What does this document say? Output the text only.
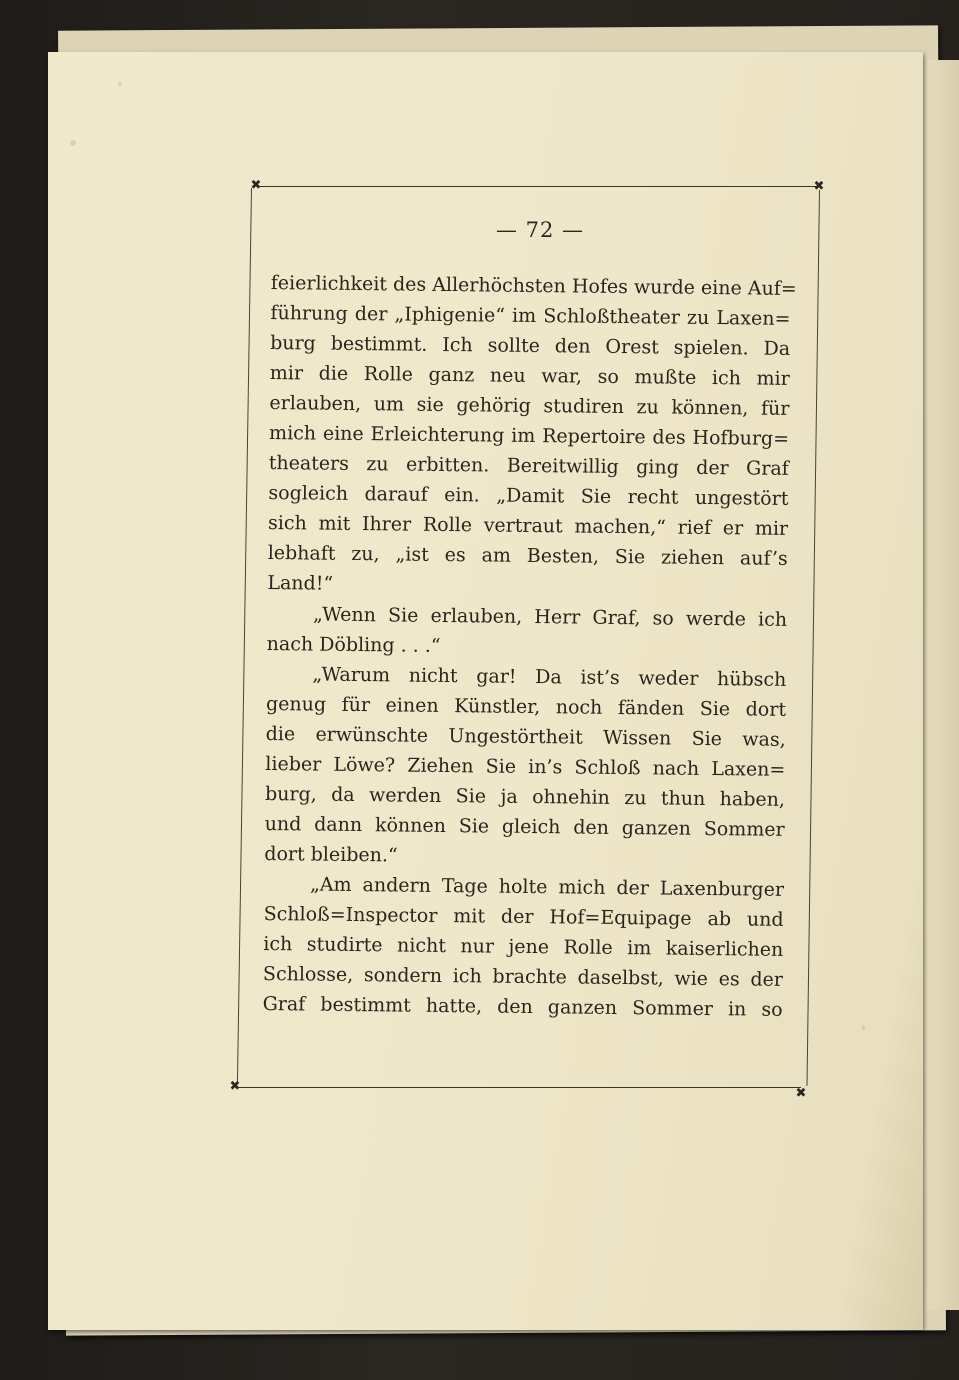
✖	✖
✖	✖
— 72 —
feierlichkeit des Allerhöchsten Hofes wurde eine Auf=
führung der „Iphigenie“ im Schloßtheater zu Laxen=
burg bestimmt. Ich sollte den Orest spielen. Da
mir die Rolle ganz neu war, so mußte ich mir
erlauben, um sie gehörig studiren zu können, für
mich eine Erleichterung im Repertoire des Hofburg=
theaters zu erbitten. Bereitwillig ging der Graf
sogleich darauf ein. „Damit Sie recht ungestört
sich mit Ihrer Rolle vertraut machen,“ rief er mir
lebhaft zu, „ist es am Besten, Sie ziehen auf’s
Land!“
„Wenn Sie erlauben, Herr Graf, so werde ich
nach Döbling . . .“
„Warum nicht gar! Da ist’s weder hübsch
genug für einen Künstler, noch fänden Sie dort
die erwünschte Ungestörtheit Wissen Sie was,
lieber Löwe? Ziehen Sie in’s Schloß nach Laxen=
burg, da werden Sie ja ohnehin zu thun haben,
und dann können Sie gleich den ganzen Sommer
dort bleiben.“
„Am andern Tage holte mich der Laxenburger
Schloß=Inspector mit der Hof=Equipage ab und
ich studirte nicht nur jene Rolle im kaiserlichen
Schlosse, sondern ich brachte daselbst, wie es der
Graf bestimmt hatte, den ganzen Sommer in so
